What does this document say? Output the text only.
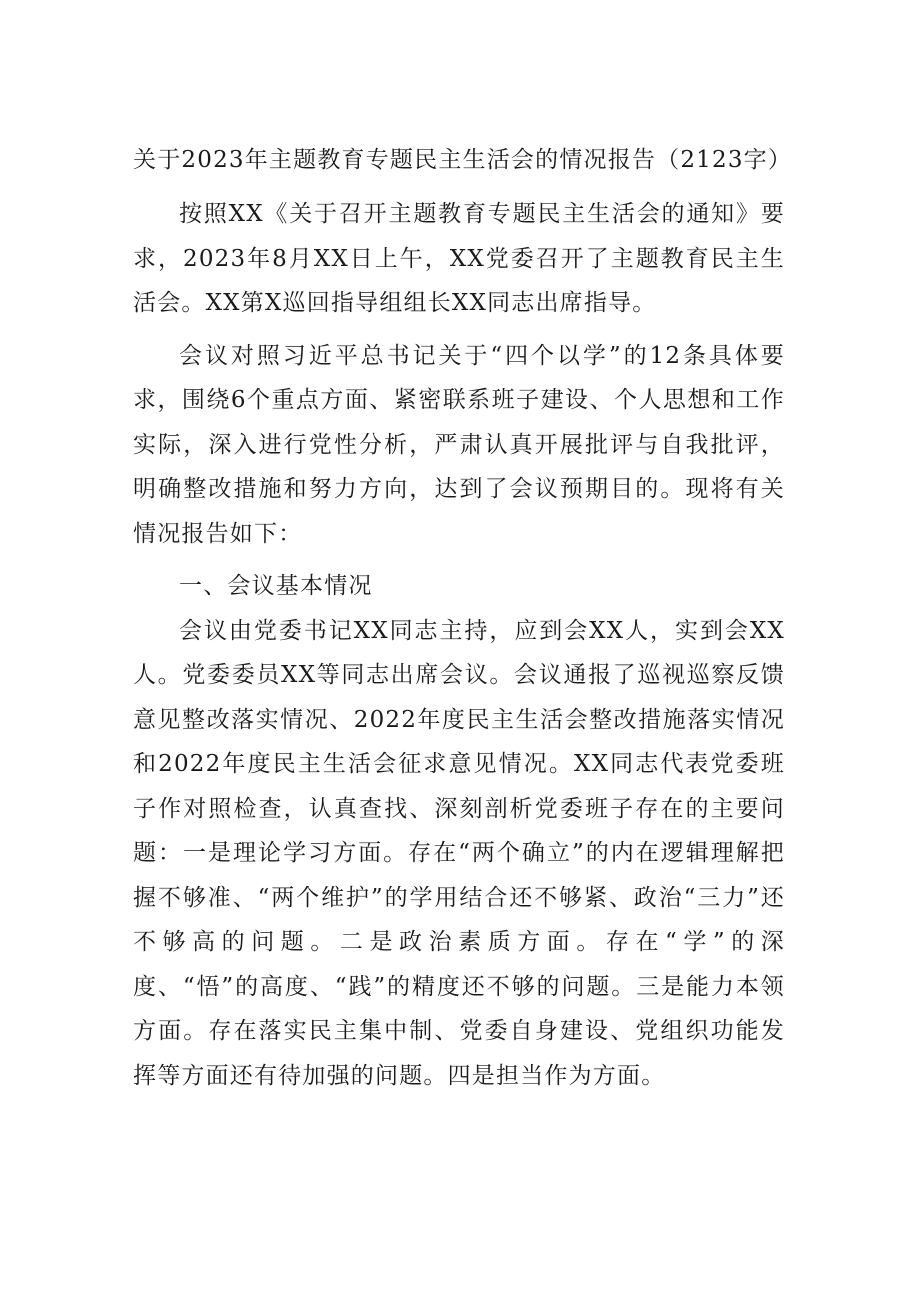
关于2023年主题教育专题民主生活会的情况报告（2123字）

按照XX《关于召开主题教育专题民主生活会的通知》要求，2023年8月XX日上午，XX党委召开了主题教育民主生活会。XX第X巡回指导组组长XX同志出席指导。

会议对照习近平总书记关于“四个以学”的12条具体要求，围绕6个重点方面、紧密联系班子建设、个人思想和工作实际，深入进行党性分析，严肃认真开展批评与自我批评，明确整改措施和努力方向，达到了会议预期目的。现将有关情况报告如下：

一、会议基本情况

会议由党委书记XX同志主持，应到会XX人，实到会XX人。党委委员XX等同志出席会议。会议通报了巡视巡察反馈意见整改落实情况、2022年度民主生活会整改措施落实情况和2022年度民主生活会征求意见情况。XX同志代表党委班子作对照检查，认真查找、深刻剖析党委班子存在的主要问题：一是理论学习方面。存在“两个确立”的内在逻辑理解把握不够准、“两个维护”的学用结合还不够紧、政治“三力”还不够高的问题。二是政治素质方面。存在“学”的深度、“悟”的高度、“践”的精度还不够的问题。三是能力本领方面。存在落实民主集中制、党委自身建设、党组织功能发挥等方面还有待加强的问题。四是担当作为方面。
